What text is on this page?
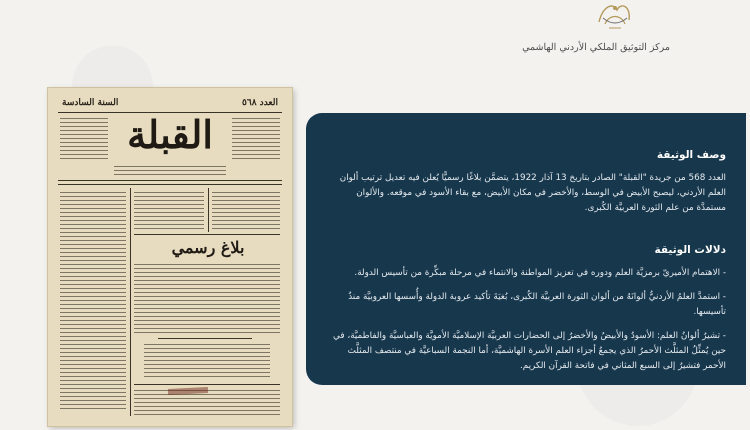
مركز التوثيق الملكي الأردني الهاشمي
السنة السادسة	العدد ٥٦٨
القبلة
بلاغ رسمي
وصف الوثيقة

العدد 568 من جريدة "القبلة" الصادر بتاريخ 13 آذار 1922، يتضمَّن بلاغًا رسميًّا يُعلن فيه تعديل ترتيب ألوان العلم الأردني، ليصبح الأبيض في الوسط، والأخضر في مكان الأبيض، مع بقاء الأسود في موقعه. والألوان مستمدَّة من علم الثورة العربيَّة الكُبرى.

دلالات الوثيقة
- الاهتمام الأميريّ برمزيَّة العلم ودوره في تعزيز المواطنة والانتماء في مرحلة مبكِّرة من تأسيس الدولة.
- استمدَّ العلمُ الأردنيُّ ألوانَهُ من ألوان الثورة العربيَّة الكُبرى، بُغيَةَ تأكيد عروبة الدولة وأُسسها العروبيَّة منذُ تأسيسها.
- تشيرُ ألوانُ العلم: الأسودُ والأبيضُ والأخضرُ إلى الحضارات العربيَّة الإسلاميَّة الأمويَّة والعباسيَّة والفاطميَّة، في حين يُمثِّلُ المثلَّث الأحمرُ الذي يجمعُ أجزاء العلم الأسرة الهاشميَّة، أما النجمة السباعيَّة في منتصف المثلَّث الأحمر فتشيرُ إلى السبع المثاني في فاتحة القرآن الكريم.
